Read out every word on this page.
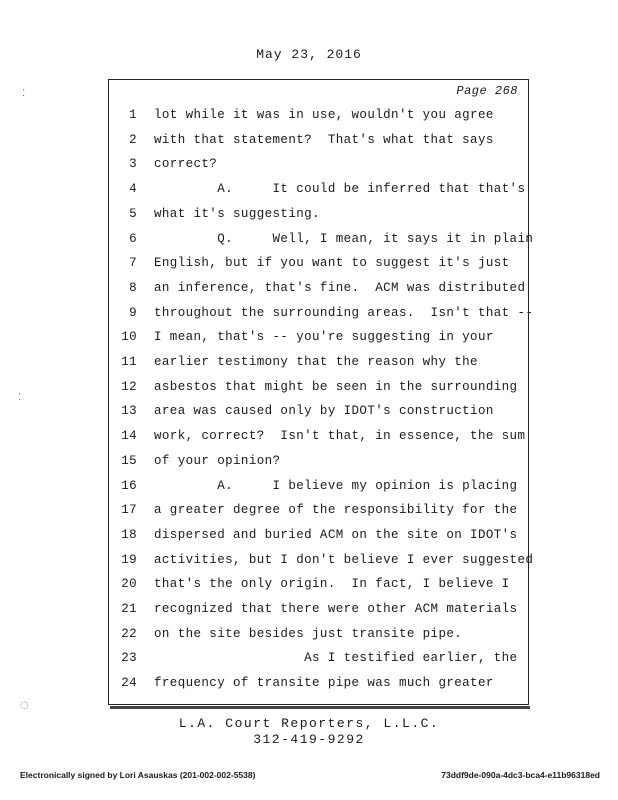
May 23, 2016
⁚
⁚
◌
Page 268
1 lot while it was in use, wouldn't you agree
2 with that statement?  That's what that says
3 correct?
4 A.     It could be inferred that that's
5 what it's suggesting.
6 Q.     Well, I mean, it says it in plain
7 English, but if you want to suggest it's just
8 an inference, that's fine.  ACM was distributed
9 throughout the surrounding areas.  Isn't that --
10 I mean, that's -- you're suggesting in your
11 earlier testimony that the reason why the
12 asbestos that might be seen in the surrounding
13 area was caused only by IDOT's construction
14 work, correct?  Isn't that, in essence, the sum
15 of your opinion?
16 A.     I believe my opinion is placing
17 a greater degree of the responsibility for the
18 dispersed and buried ACM on the site on IDOT's
19 activities, but I don't believe I ever suggested
20 that's the only origin.  In fact, I believe I
21 recognized that there were other ACM materials
22 on the site besides just transite pipe.
23 As I testified earlier, the
24 frequency of transite pipe was much greater
L.A. Court Reporters, L.L.C.
312-419-9292
Electronically signed by Lori Asauskas (201-002-002-5538)	73ddf9de-090a-4dc3-bca4-e11b96318ed
